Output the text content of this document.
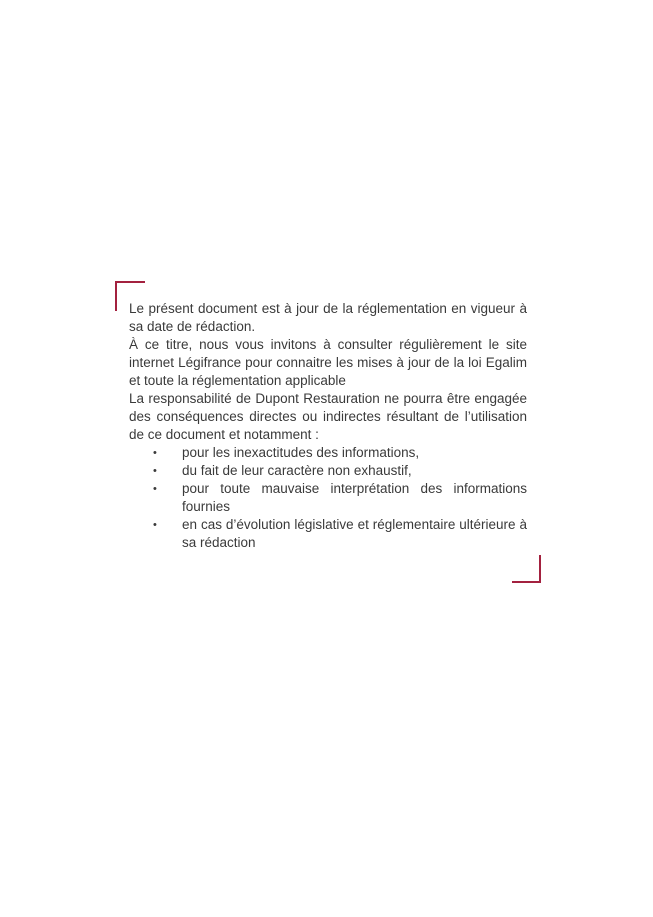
Le présent document est à jour de la réglementation en vigueur à sa date de rédaction.

À ce titre, nous vous invitons à consulter régulièrement le site internet Légifrance pour connaitre les mises à jour de la loi Egalim et toute la réglementation applicable

La responsabilité de Dupont Restauration ne pourra être engagée des conséquences directes ou indirectes résultant de l’utilisation de ce document et notamment :

• pour les inexactitudes des informations,
• du fait de leur caractère non exhaustif,
• pour toute mauvaise interprétation des informations fournies
• en cas d’évolution législative et réglementaire ultérieure à sa rédaction
